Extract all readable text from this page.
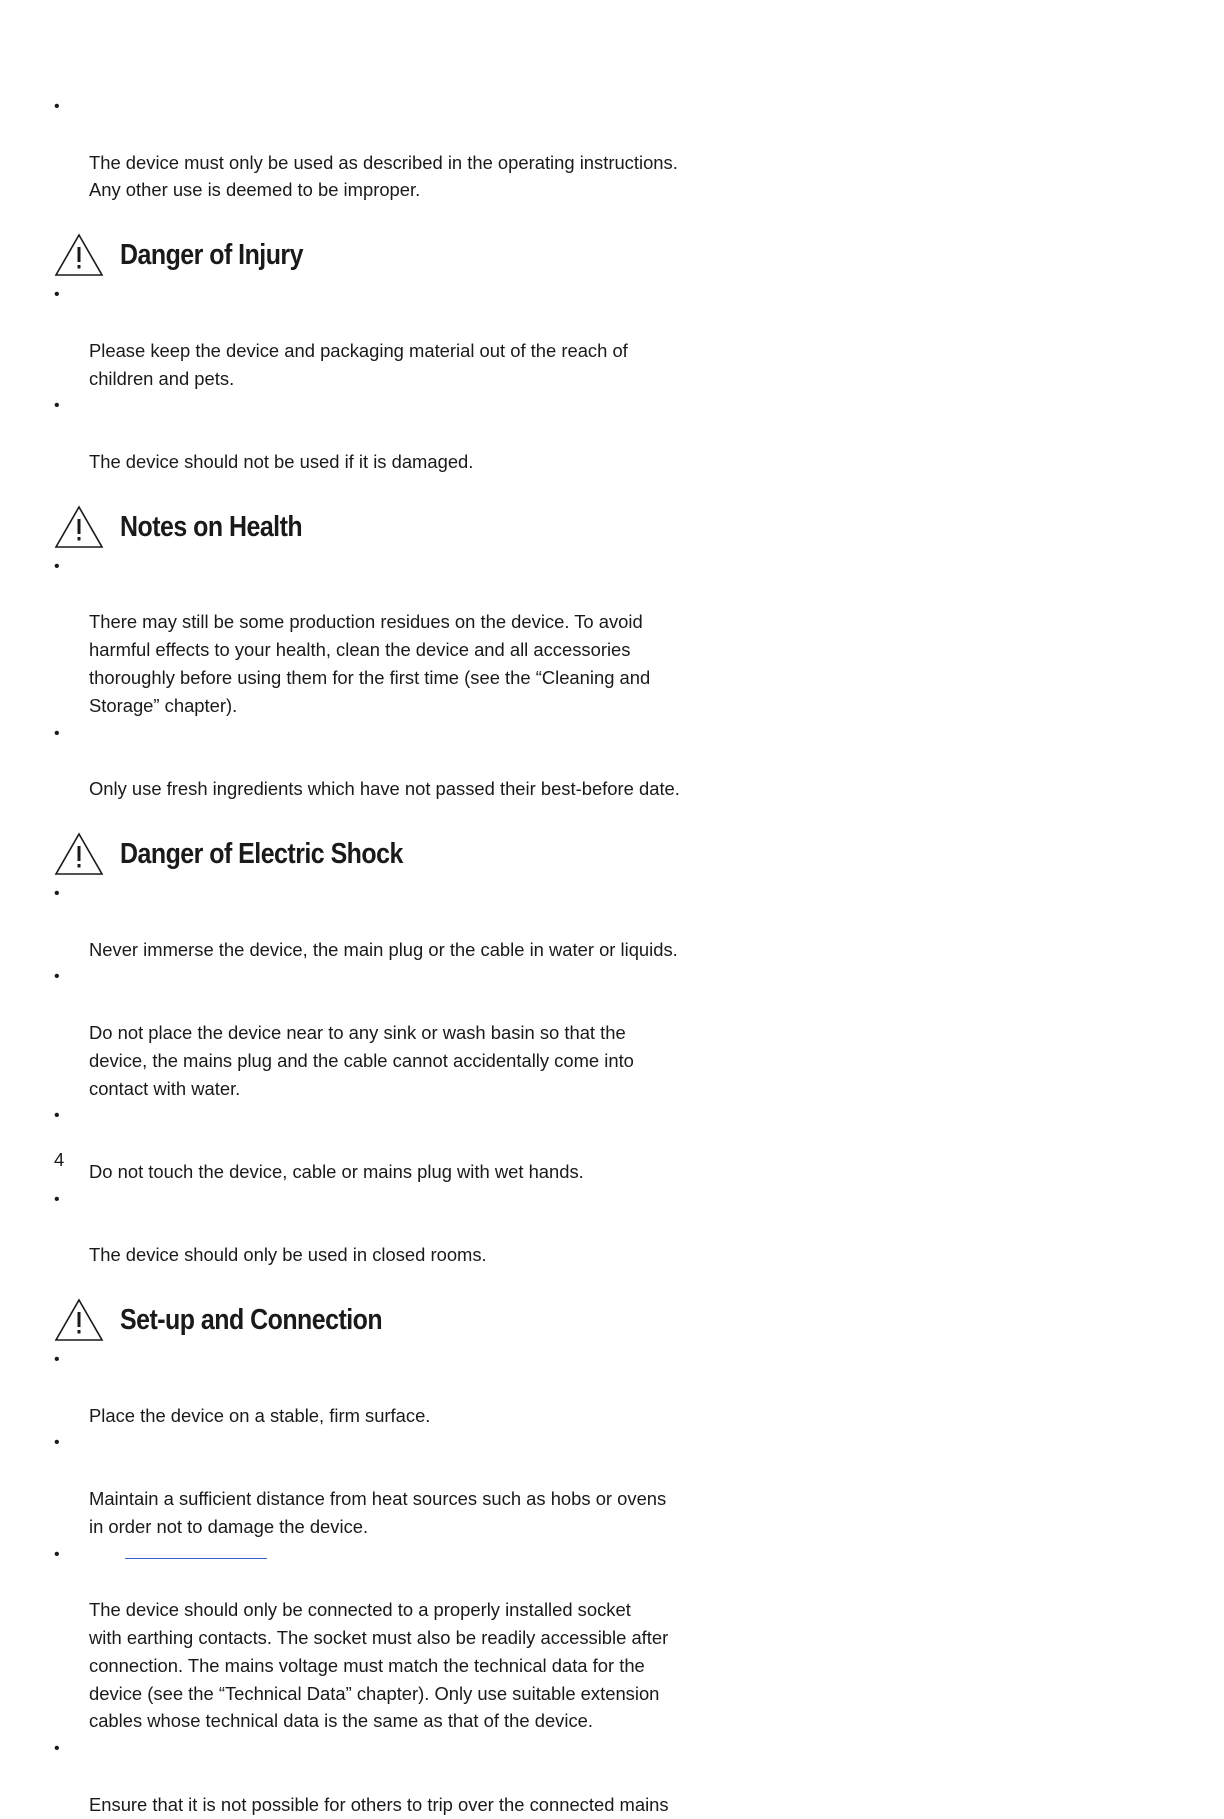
•

The device must only be used as described in the operating instructions.
Any other use is deemed to be improper.

Danger of Injury

•

Please keep the device and packaging material out of the reach of
children and pets.

•

The device should not be used if it is damaged.

Notes on Health

•

There may still be some production residues on the device. To avoid
harmful effects to your health, clean the device and all accessories
thoroughly before using them for the first time (see the “Cleaning and
Storage” chapter).

•

Only use fresh ingredients which have not passed their best-before date.

Danger of Electric Shock

•

Never immerse the device, the main plug or the cable in water or liquids.

•

Do not place the device near to any sink or wash basin so that the
device, the mains plug and the cable cannot accidentally come into
contact with water.

•

Do not touch the device, cable or mains plug with wet hands.

•

The device should only be used in closed rooms.

Set-up and Connection

•

Place the device on a stable, firm surface.

•

Maintain a sufficient distance from heat sources such as hobs or ovens
in order not to damage the device.

•

The device should only be connected to a properly installed socket
with earthing contacts. The socket must also be readily accessible after
connection. The mains voltage must match the technical data for the
device (see the “Technical Data” chapter). Only use suitable extension
cables whose technical data is the same as that of the device.

•

Ensure that it is not possible for others to trip over the connected mains

4
